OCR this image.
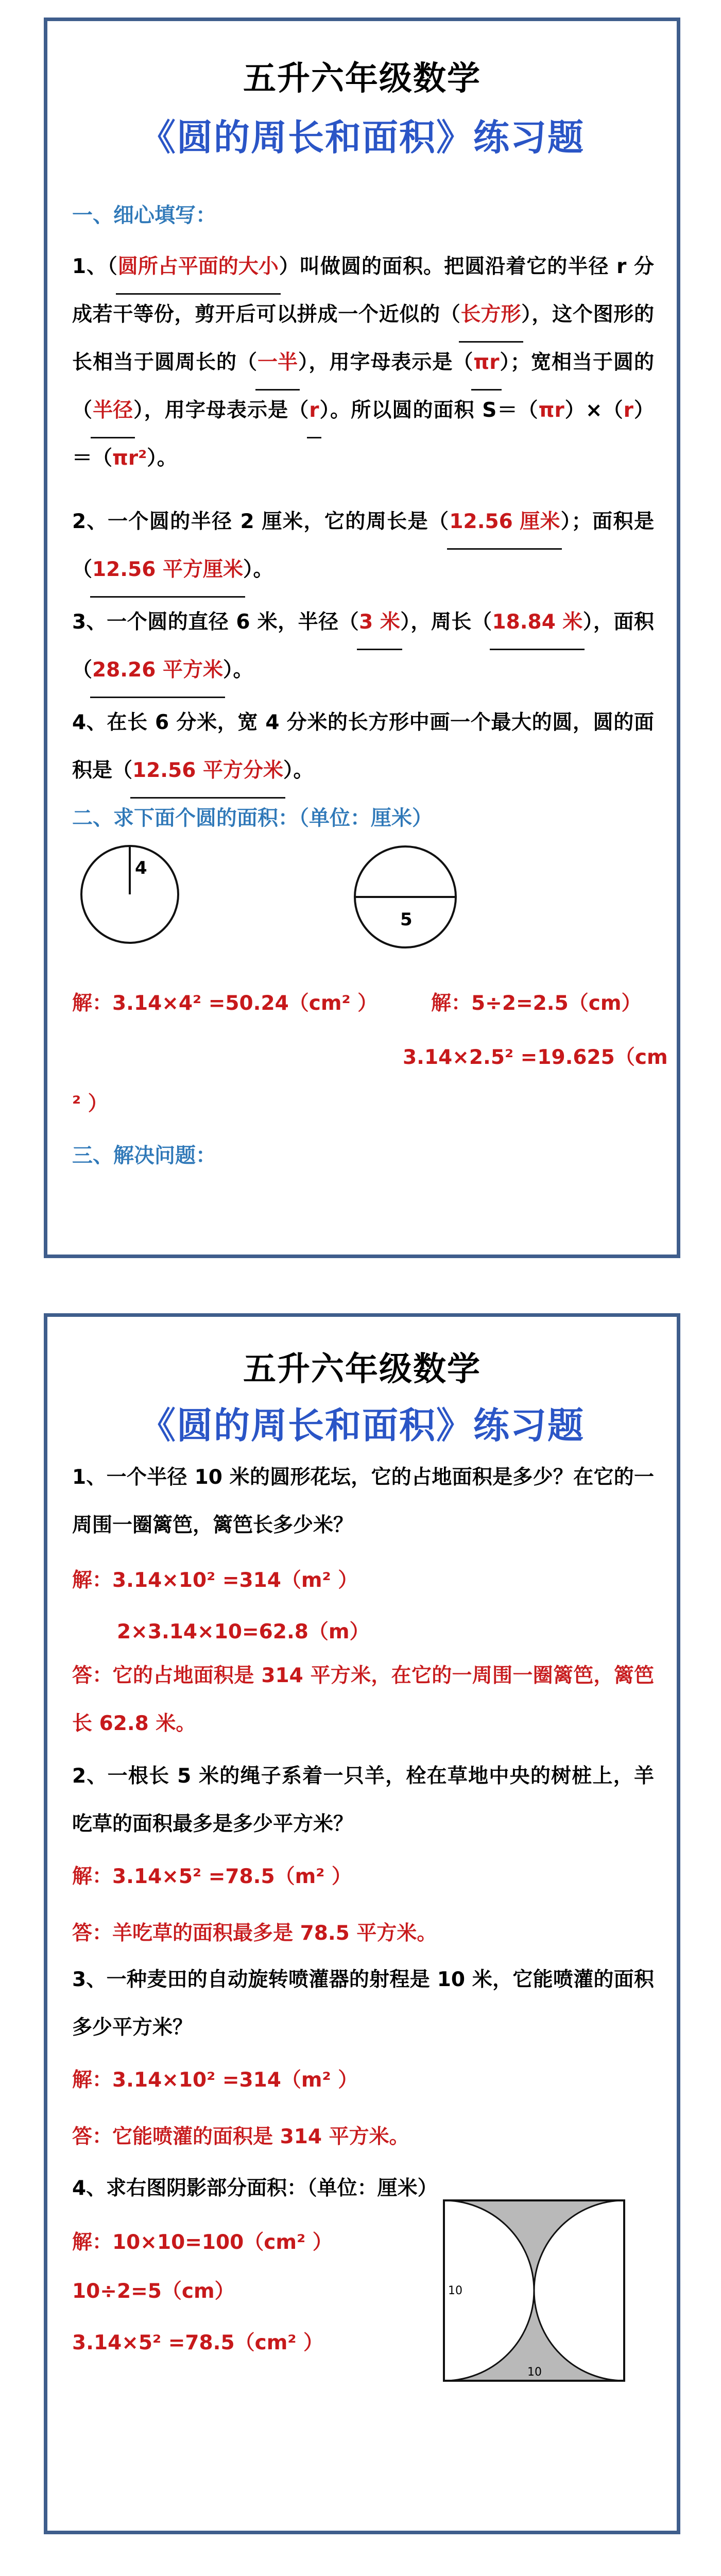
五升六年级数学
《圆的周长和面积》练习题
一、细心填写：

1、（圆所占平面的大小）叫做圆的面积。把圆沿着它的半径 r 分成若干等份，剪开后可以拼成一个近似的（长方形），这个图形的长相当于圆周长的（一半），用字母表示是（πr）；宽相当于圆的（半径），用字母表示是（r）。所以圆的面积 S＝（πr）×（r）＝（πr²）。

2、一个圆的半径 2 厘米，它的周长是（12.56 厘米）；面积是（12.56 平方厘米）。

3、一个圆的直径 6 米，半径（3 米），周长（18.84 米），面积（28.26 平方米）。

4、在长 6 分米，宽 4 分米的长方形中画一个最大的圆，圆的面积是（12.56 平方分米）。

二、求下面个圆的面积：（单位：厘米）
4
5
解：3.14×4² =50.24（cm² ）	解：5÷2=2.5（cm）
3.14×2.5² =19.625（cm
² ）
三、解决问题：
五升六年级数学
《圆的周长和面积》练习题

1、一个半径 10 米的圆形花坛，它的占地面积是多少？在它的一周围一圈篱笆，篱笆长多少米？

解：3.14×10² =314（m² ）
2×3.14×10=62.8（m）

答：它的占地面积是 314 平方米，在它的一周围一圈篱笆，篱笆长 62.8 米。

2、一根长 5 米的绳子系着一只羊，栓在草地中央的树桩上，羊吃草的面积最多是多少平方米？

解：3.14×5² =78.5（m² ）
答：羊吃草的面积最多是 78.5 平方米。

3、一种麦田的自动旋转喷灌器的射程是 10 米，它能喷灌的面积多少平方米？

解：3.14×10² =314（m² ）
答：它能喷灌的面积是 314 平方米。
4、求右图阴影部分面积：（单位：厘米）
解：10×10=100（cm² ）
10÷2=5（cm）
3.14×5² =78.5（cm² ）
10
10
